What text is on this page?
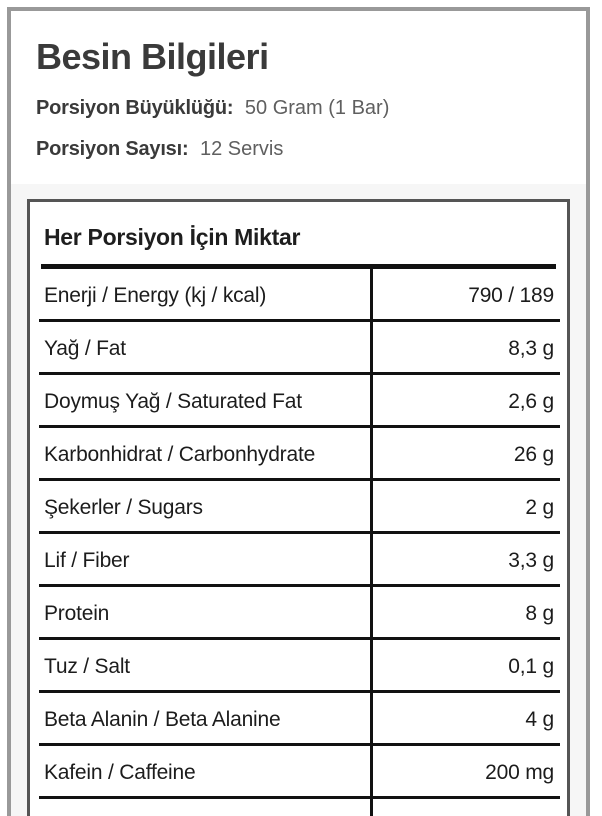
Besin Bilgileri
Porsiyon Büyüklüğü: 50 Gram (1 Bar)
Porsiyon Sayısı: 12 Servis
Her Porsiyon İçin Miktar
Enerji / Energy (kj / kcal)	790 / 189
Yağ / Fat	8,3 g
Doymuş Yağ / Saturated Fat	2,6 g
Karbonhidrat / Carbonhydrate	26 g
Şekerler / Sugars	2 g
Lif / Fiber	3,3 g
Protein	8 g
Tuz / Salt	0,1 g
Beta Alanin / Beta Alanine	4 g
Kafein / Caffeine	200 mg
